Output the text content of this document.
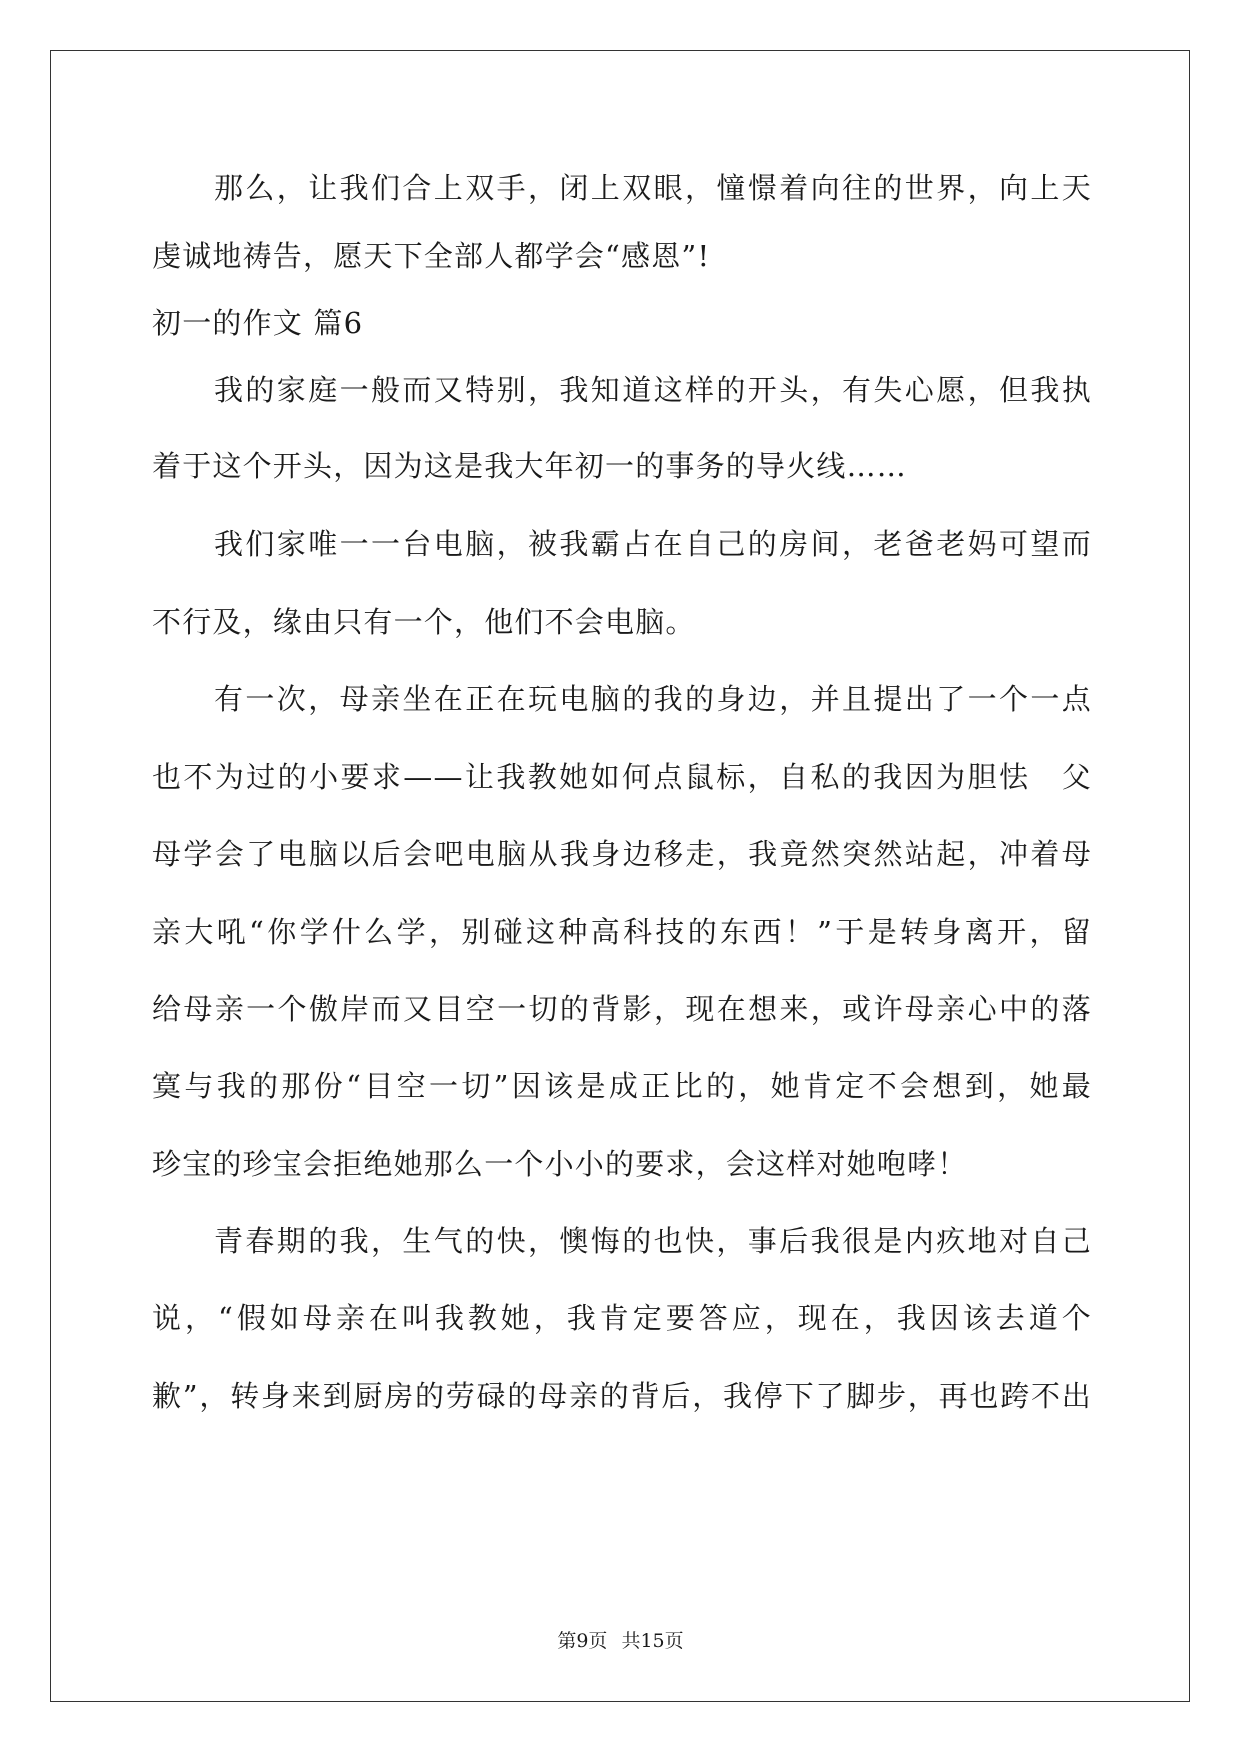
那么，让我们合上双手，闭上双眼，憧憬着向往的世界，向上天
虔诚地祷告，愿天下全部人都学会“感恩”!
初一的作文 篇6
我的家庭一般而又特别，我知道这样的开头，有失心愿，但我执
着于这个开头，因为这是我大年初一的事务的导火线……
我们家唯一一台电脑，被我霸占在自己的房间，老爸老妈可望而
不行及，缘由只有一个，他们不会电脑。
有一次，母亲坐在正在玩电脑的我的身边，并且提出了一个一点
也不为过的小要求——让我教她如何点鼠标，自私的我因为胆怯　父
母学会了电脑以后会吧电脑从我身边移走，我竟然突然站起，冲着母
亲大吼“你学什么学，别碰这种高科技的东西！”于是转身离开，留
给母亲一个傲岸而又目空一切的背影，现在想来，或许母亲心中的落
寞与我的那份“目空一切”因该是成正比的，她肯定不会想到，她最
珍宝的珍宝会拒绝她那么一个小小的要求，会这样对她咆哮！
青春期的我，生气的快，懊悔的也快，事后我很是内疚地对自己
说，“假如母亲在叫我教她，我肯定要答应，现在，我因该去道个
歉”，转身来到厨房的劳碌的母亲的背后，我停下了脚步，再也跨不出
第9页 共15页
